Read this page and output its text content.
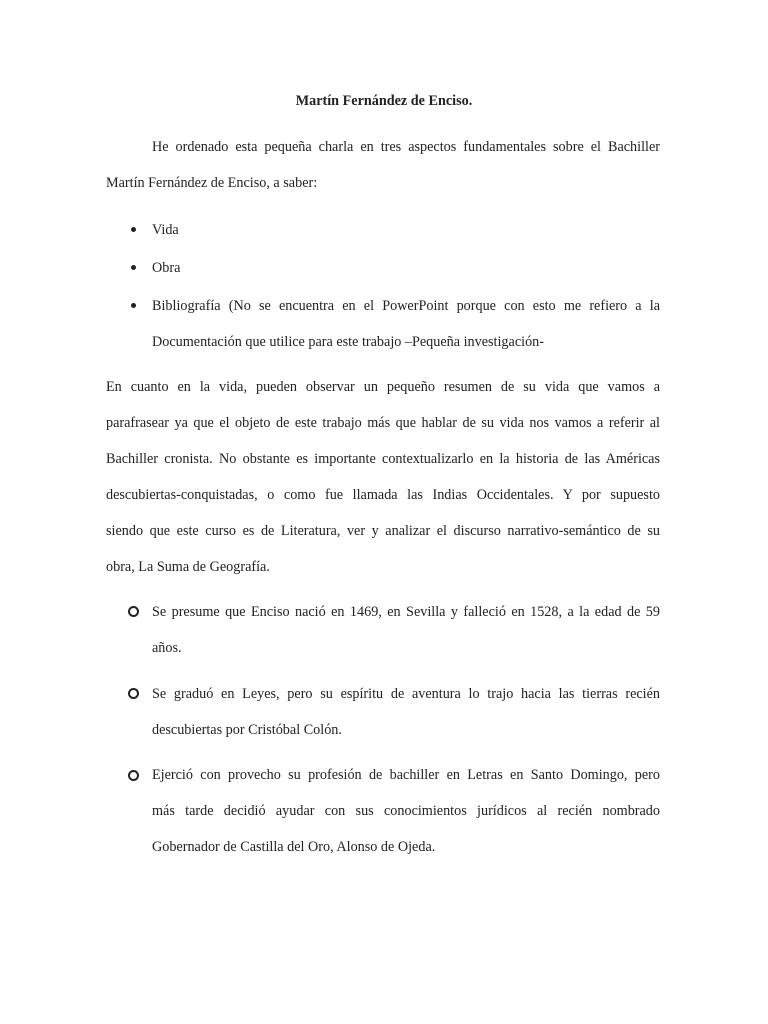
Martín Fernández de Enciso.
He ordenado esta pequeña charla en tres aspectos fundamentales sobre el Bachiller
Martín Fernández de Enciso, a saber:
Vida
Obra
Bibliografía (No se encuentra en el PowerPoint porque con esto me refiero a la
Documentación que utilice para este trabajo –Pequeña investigación-
En cuanto en la vida, pueden observar un pequeño resumen de su vida que vamos a
parafrasear ya que el objeto de este trabajo más que hablar de su vida nos vamos a referir al
Bachiller cronista. No obstante es importante contextualizarlo en la historia de las Américas
descubiertas-conquistadas, o como fue llamada las Indias Occidentales. Y por supuesto
siendo que este curso es de Literatura, ver y analizar el discurso narrativo-semántico de su
obra, La Suma de Geografía.
Se presume que Enciso nació en 1469, en Sevilla y falleció en 1528, a la edad de 59
años.
Se graduó en Leyes, pero su espíritu de aventura lo trajo hacia las tierras recién
descubiertas por Cristóbal Colón.
Ejerció con provecho su profesión de bachiller en Letras en Santo Domingo, pero
más tarde decidió ayudar con sus conocimientos jurídicos al recién nombrado
Gobernador de Castilla del Oro, Alonso de Ojeda.
